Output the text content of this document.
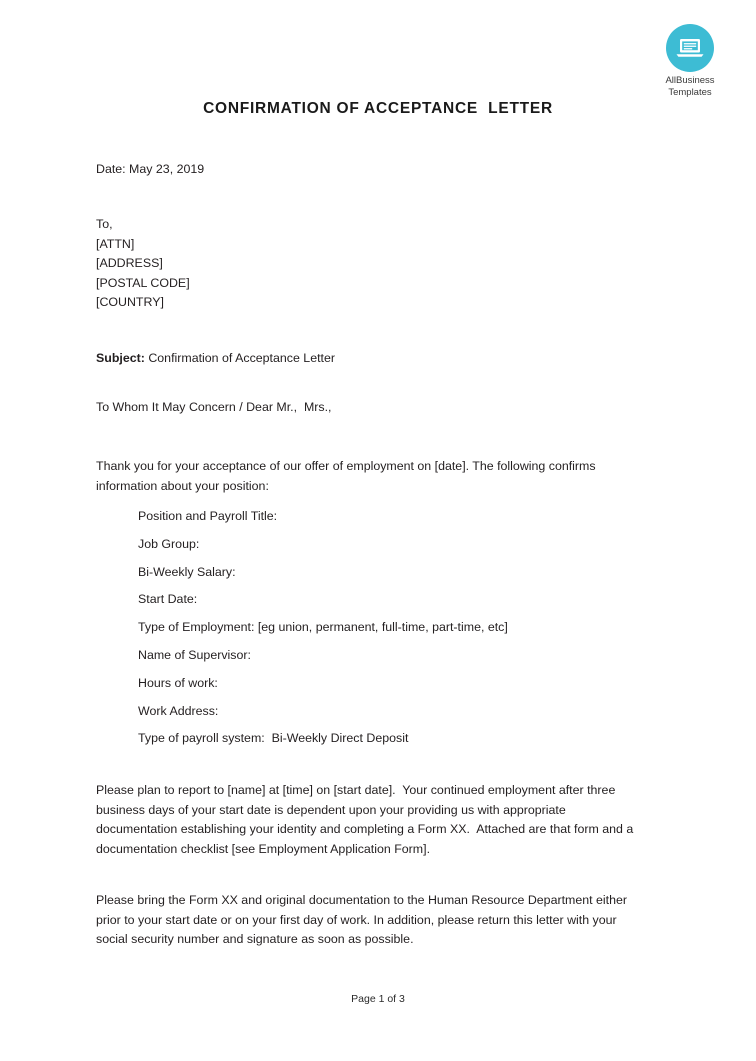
AllBusiness
Templates
CONFIRMATION OF ACCEPTANCE  LETTER
Date: May 23, 2019
To,
[ATTN]
[ADDRESS]
[POSTAL CODE]
[COUNTRY]
Subject: Confirmation of Acceptance Letter
To Whom It May Concern / Dear Mr.,  Mrs.,
Thank you for your acceptance of our offer of employment on [date]. The following confirms information about your position:
Position and Payroll Title:
Job Group:
Bi-Weekly Salary:
Start Date:
Type of Employment: [eg union, permanent, full-time, part-time, etc]
Name of Supervisor:
Hours of work:
Work Address:
Type of payroll system:  Bi-Weekly Direct Deposit
Please plan to report to [name] at [time] on [start date].  Your continued employment after three business days of your start date is dependent upon your providing us with appropriate documentation establishing your identity and completing a Form XX.  Attached are that form and a documentation checklist [see Employment Application Form].
Please bring the Form XX and original documentation to the Human Resource Department either prior to your start date or on your first day of work. In addition, please return this letter with your social security number and signature as soon as possible.
Page 1 of 3
